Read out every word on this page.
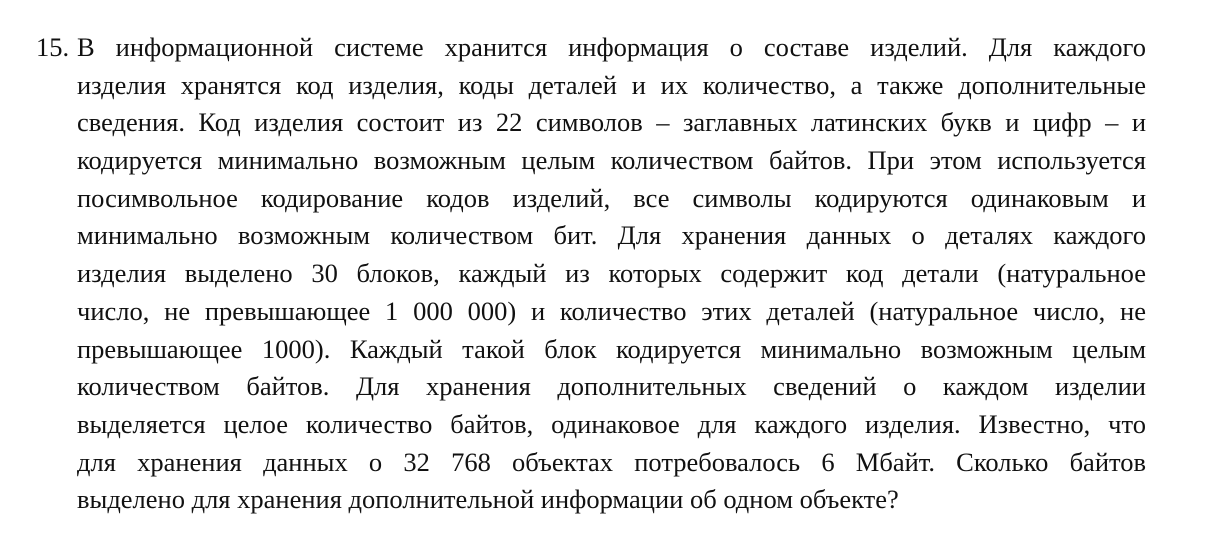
15. В информационной системе хранится информация о составе изделий. Для каждого
изделия хранятся код изделия, коды деталей и их количество, а также дополнительные
сведения. Код изделия состоит из 22 символов – заглавных латинских букв и цифр – и
кодируется минимально возможным целым количеством байтов. При этом используется
посимвольное кодирование кодов изделий, все символы кодируются одинаковым и
минимально возможным количеством бит. Для хранения данных о деталях каждого
изделия выделено 30 блоков, каждый из которых содержит код детали (натуральное
число, не превышающее 1 000 000) и количество этих деталей (натуральное число, не
превышающее 1000). Каждый такой блок кодируется минимально возможным целым
количеством байтов. Для хранения дополнительных сведений о каждом изделии
выделяется целое количество байтов, одинаковое для каждого изделия. Известно, что
для хранения данных о 32 768 объектах потребовалось 6 Мбайт. Сколько байтов
выделено для хранения дополнительной информации об одном объекте?
